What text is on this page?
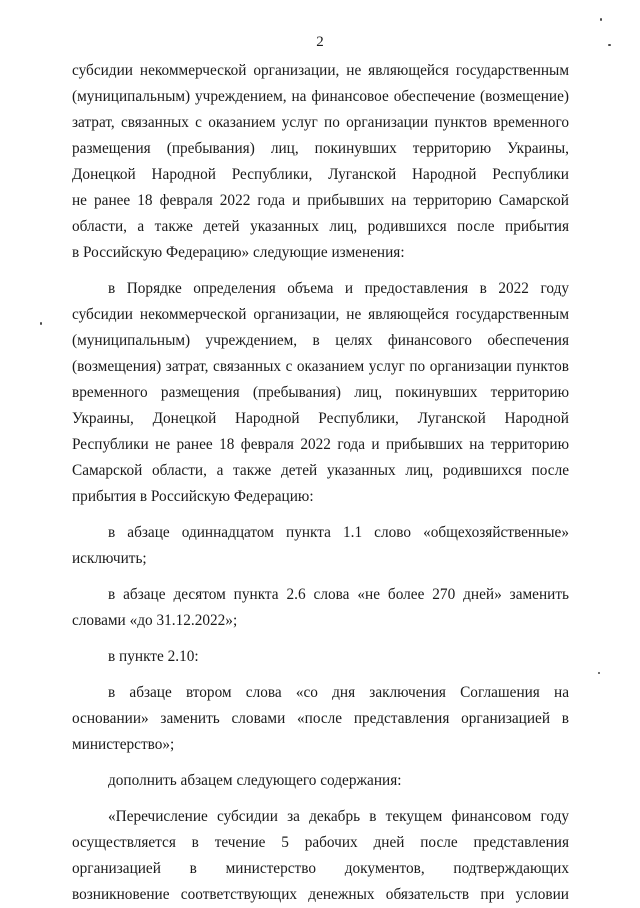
2
субсидии некоммерческой организации, не являющейся государственным
(муниципальным) учреждением, на финансовое обеспечение (возмещение)
затрат, связанных с оказанием услуг по организации пунктов временного
размещения (пребывания) лиц, покинувших территорию Украины,
Донецкой Народной Республики, Луганской Народной Республики
не ранее 18 февраля 2022 года и прибывших на территорию Самарской
области, а также детей указанных лиц, родившихся после прибытия
в Российскую Федерацию» следующие изменения:
в Порядке определения объема и предоставления в 2022 году
субсидии некоммерческой организации, не являющейся государственным
(муниципальным) учреждением, в целях финансового обеспечения
(возмещения) затрат, связанных с оказанием услуг по организации пунктов
временного размещения (пребывания) лиц, покинувших территорию
Украины, Донецкой Народной Республики, Луганской Народной
Республики не ранее 18 февраля 2022 года и прибывших на территорию
Самарской области, а также детей указанных лиц, родившихся после
прибытия в Российскую Федерацию:
в абзаце одиннадцатом пункта 1.1 слово «общехозяйственные»
исключить;
в абзаце десятом пункта 2.6 слова «не более 270 дней» заменить
словами «до 31.12.2022»;
в пункте 2.10:
в абзаце втором слова «со дня заключения Соглашения на
основании» заменить словами «после представления организацией в
министерство»;
дополнить абзацем следующего содержания:
«Перечисление субсидии за декабрь в текущем финансовом году
осуществляется в течение 5 рабочих дней после представления
организацией в министерство документов, подтверждающих
возникновение соответствующих денежных обязательств при условии
